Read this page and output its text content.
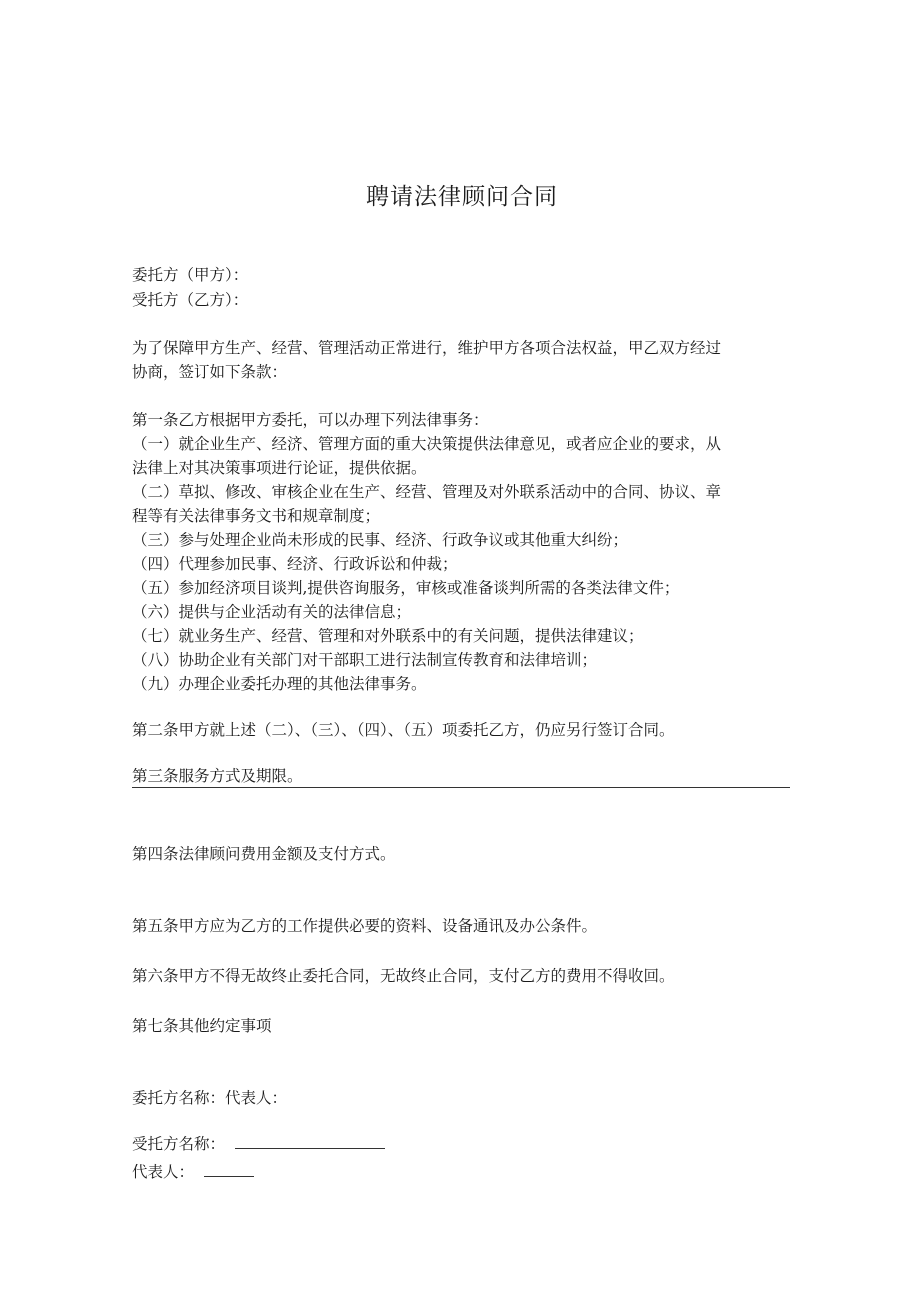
聘请法律顾问合同
委托方（甲方）：
受托方（乙方）：
为了保障甲方生产、经营、管理活动正常进行，维护甲方各项合法权益，甲乙双方经过
协商，签订如下条款：
第一条乙方根据甲方委托，可以办理下列法律事务：
（一）就企业生产、经济、管理方面的重大决策提供法律意见，或者应企业的要求，从
法律上对其决策事项进行论证，提供依据。
（二）草拟、修改、审核企业在生产、经营、管理及对外联系活动中的合同、协议、章
程等有关法律事务文书和规章制度；
（三）参与处理企业尚未形成的民事、经济、行政争议或其他重大纠纷；
（四）代理参加民事、经济、行政诉讼和仲裁；
（五）参加经济项目谈判,提供咨询服务，审核或准备谈判所需的各类法律文件；
（六）提供与企业活动有关的法律信息；
（七）就业务生产、经营、管理和对外联系中的有关问题，提供法律建议；
（八）协助企业有关部门对干部职工进行法制宣传教育和法律培训；
（九）办理企业委托办理的其他法律事务。
第二条甲方就上述（二）、（三）、（四）、（五）项委托乙方，仍应另行签订合同。
第三条服务方式及期限。
第四条法律顾问费用金额及支付方式。
第五条甲方应为乙方的工作提供必要的资料、设备通讯及办公条件。
第六条甲方不得无故终止委托合同，无故终止合同，支付乙方的费用不得收回。
第七条其他约定事项
委托方名称：代表人：
受托方名称：
代表人：
